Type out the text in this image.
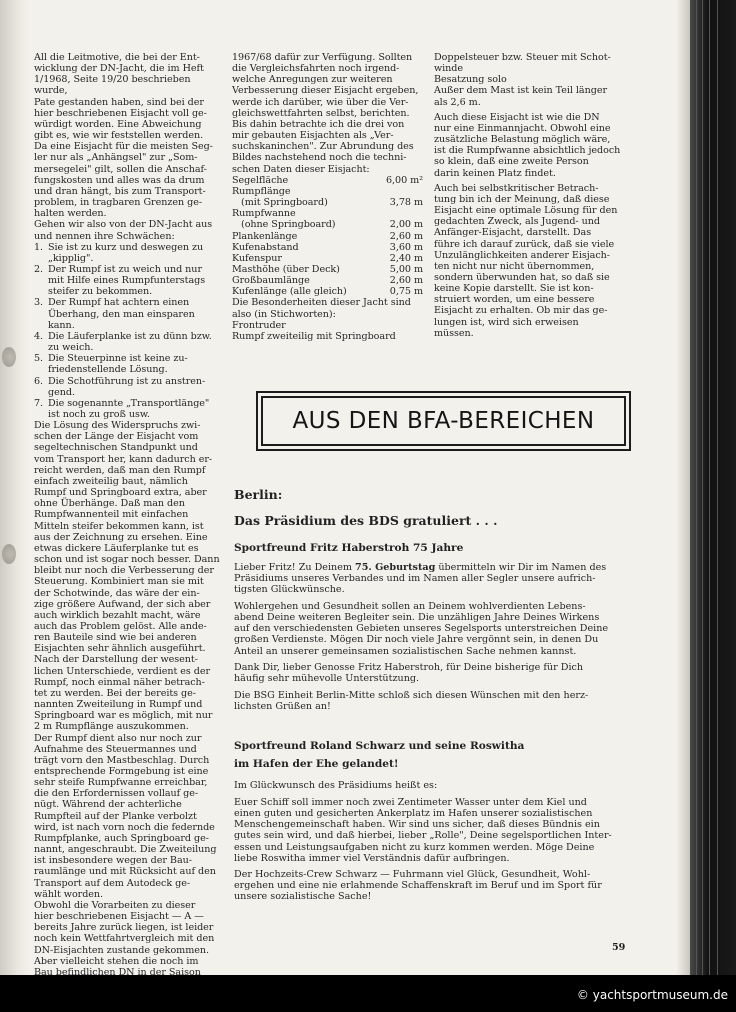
All die Leitmotive, die bei der Ent-

wicklung der DN-Jacht, die im Heft

1/1968, Seite 19/20 beschrieben wurde,

Pate gestanden haben, sind bei der

hier beschriebenen Eisjacht voll ge-

würdigt worden. Eine Abweichung

gibt es, wie wir feststellen werden.

Da eine Eisjacht für die meisten Seg-

ler nur als „Anhängsel" zur „Som-

mersegelei" gilt, sollen die Anschaf-

fungskosten und alles was da drum

und dran hängt, bis zum Transport-

problem, in tragbaren Grenzen ge-

halten werden.

Gehen wir also von der DN-Jacht aus

und nennen ihre Schwächen:

1. Sie ist zu kurz und deswegen zu
„kipplig".
2. Der Rumpf ist zu weich und nur
mit Hilfe eines Rumpfunterstags
steifer zu bekommen.
3. Der Rumpf hat achtern einen
Überhang, den man einsparen
kann.
4. Die Läuferplanke ist zu dünn bzw.
zu weich.
5. Die Steuerpinne ist keine zu-
friedenstellende Lösung.
6. Die Schotführung ist zu anstren-
gend.
7. Die sogenannte „Transportlänge"
ist noch zu groß usw.

Die Lösung des Widerspruchs zwi-

schen der Länge der Eisjacht vom

segeltechnischen Standpunkt und

vom Transport her, kann dadurch er-

reicht werden, daß man den Rumpf

einfach zweiteilig baut, nämlich

Rumpf und Springboard extra, aber

ohne Überhänge. Daß man den

Rumpfwannenteil mit einfachen

Mitteln steifer bekommen kann, ist

aus der Zeichnung zu ersehen. Eine

etwas dickere Läuferplanke tut es

schon und ist sogar noch besser. Dann

bleibt nur noch die Verbesserung der

Steuerung. Kombiniert man sie mit

der Schotwinde, das wäre der ein-

zige größere Aufwand, der sich aber

auch wirklich bezahlt macht, wäre

auch das Problem gelöst. Alle ande-

ren Bauteile sind wie bei anderen

Eisjachten sehr ähnlich ausgeführt.

Nach der Darstellung der wesent-

lichen Unterschiede, verdient es der

Rumpf, noch einmal näher betrach-

tet zu werden. Bei der bereits ge-

nannten Zweiteilung in Rumpf und

Springboard war es möglich, mit nur

2 m Rumpflänge auszukommen.

Der Rumpf dient also nur noch zur

Aufnahme des Steuermannes und

trägt vorn den Mastbeschlag. Durch

entsprechende Formgebung ist eine

sehr steife Rumpfwanne erreichbar,

die den Erfordernissen vollauf ge-

nügt. Während der achterliche

Rumpfteil auf der Planke verbolzt

wird, ist nach vorn noch die federnde

Rumpfplanke, auch Springboard ge-

nannt, angeschraubt. Die Zweiteilung

ist insbesondere wegen der Bau-

raumlänge und mit Rücksicht auf den

Transport auf dem Autodeck ge-

wählt worden.

Obwohl die Vorarbeiten zu dieser

hier beschriebenen Eisjacht — A —

bereits Jahre zurück liegen, ist leider

noch kein Wettfahrtvergleich mit den

DN-Eisjachten zustande gekommen.

Aber vielleicht stehen die noch im

Bau befindlichen DN in der Saison

1967/68 dafür zur Verfügung. Sollten

die Vergleichsfahrten noch irgend-

welche Anregungen zur weiteren

Verbesserung dieser Eisjacht ergeben,

werde ich darüber, wie über die Ver-

gleichswettfahrten selbst, berichten.

Bis dahin betrachte ich die drei von

mir gebauten Eisjachten als „Ver-

suchskaninchen". Zur Abrundung des

Bildes nachstehend noch die techni-

schen Daten dieser Eisjacht:

Segelfläche	6,00 m²
Rumpflänge	
(mit Springboard)	3,78 m
Rumpfwanne	
(ohne Springboard)	2,00 m
Plankenlänge	2,60 m
Kufenabstand	3,60 m
Kufenspur	2,40 m
Masthöhe (über Deck)	5,00 m
Großbaumlänge	2,60 m
Kufenlänge (alle gleich)	0,75 m

Die Besonderheiten dieser Jacht sind

also (in Stichworten):

Frontruder

Rumpf zweiteilig mit Springboard

Doppelsteuer bzw. Steuer mit Schot-

winde

Besatzung solo

Außer dem Mast ist kein Teil länger

als 2,6 m.

Auch diese Eisjacht ist wie die DN

nur eine Einmannjacht. Obwohl eine

zusätzliche Belastung möglich wäre,

ist die Rumpfwanne absichtlich jedoch

so klein, daß eine zweite Person

darin keinen Platz findet.

Auch bei selbstkritischer Betrach-

tung bin ich der Meinung, daß diese

Eisjacht eine optimale Lösung für den

gedachten Zweck, als Jugend- und

Anfänger-Eisjacht, darstellt. Das

führe ich darauf zurück, daß sie viele

Unzulänglichkeiten anderer Eisjach-

ten nicht nur nicht übernommen,

sondern überwunden hat, so daß sie

keine Kopie darstellt. Sie ist kon-

struiert worden, um eine bessere

Eisjacht zu erhalten. Ob mir das ge-

lungen ist, wird sich erweisen

müssen.

AUS DEN BFA-BEREICHEN
Berlin:
Das Präsidium des BDS gratuliert . . .
Sportfreund Fritz Haberstroh 75 Jahre

Lieber Fritz! Zu Deinem 75. Geburtstag übermitteln wir Dir im Namen des

Präsidiums unseres Verbandes und im Namen aller Segler unsere aufrich-

tigsten Glückwünsche.

Wohlergehen und Gesundheit sollen an Deinem wohlverdienten Lebens-

abend Deine weiteren Begleiter sein. Die unzähligen Jahre Deines Wirkens

auf den verschiedensten Gebieten unseres Segelsports unterstreichen Deine

großen Verdienste. Mögen Dir noch viele Jahre vergönnt sein, in denen Du

Anteil an unserer gemeinsamen sozialistischen Sache nehmen kannst.

Dank Dir, lieber Genosse Fritz Haberstroh, für Deine bisherige für Dich

häufig sehr mühevolle Unterstützung.

Die BSG Einheit Berlin-Mitte schloß sich diesen Wünschen mit den herz-

lichsten Grüßen an!

Sportfreund Roland Schwarz und seine Roswitha
im Hafen der Ehe gelandet!

Im Glückwunsch des Präsidiums heißt es:

Euer Schiff soll immer noch zwei Zentimeter Wasser unter dem Kiel und

einen guten und gesicherten Ankerplatz im Hafen unserer sozialistischen

Menschengemeinschaft haben. Wir sind uns sicher, daß dieses Bündnis ein

gutes sein wird, und daß hierbei, lieber „Rolle", Deine segelsportlichen Inter-

essen und Leistungsaufgaben nicht zu kurz kommen werden. Möge Deine

liebe Roswitha immer viel Verständnis dafür aufbringen.

Der Hochzeits-Crew Schwarz — Fuhrmann viel Glück, Gesundheit, Wohl-

ergehen und eine nie erlahmende Schaffenskraft im Beruf und im Sport für

unsere sozialistische Sache!

59
© yachtsportmuseum.de
